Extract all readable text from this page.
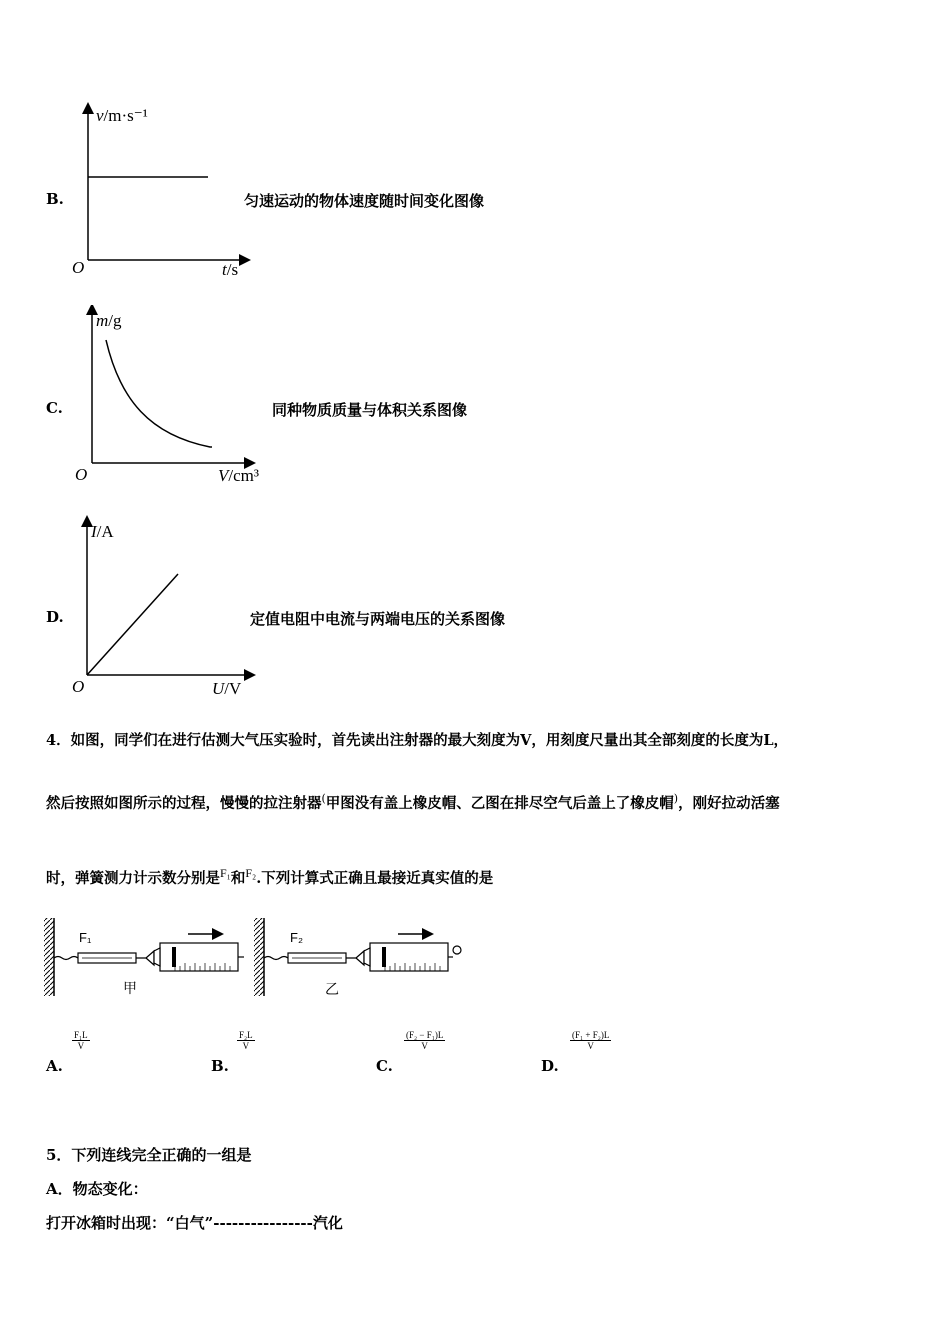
v/m·s⁻¹
O	t/s
B.	匀速运动的物体速度随时间变化图像
m/g
O	V/cm³
C.	同种物质质量与体积关系图像
I/A
O	U/V
D.	定值电阻中电流与两端电压的关系图像
4．如图，同学们在进行估测大气压实验时，首先读出注射器的最大刻度为V，用刻度尺量出其全部刻度的长度为L，
然后按照如图所示的过程，慢慢的拉注射器(甲图没有盖上橡皮帽、乙图在排尽空气后盖上了橡皮帽)，刚好拉动活塞
时，弹簧测力计示数分别是$^{F_1}$和$^{F_2}$.下列计算式正确且最接近真实值的是
F₁	F₂
甲	乙
A.
$\frac{\text{F₁L}}{V}$
B.
$\frac{\text{F₂L}}{V}$
C.
$\frac{\text{(F₂ − F₁)L}}{V}$
D.
$\frac{\text{(F₁ + F₂)L}}{V}$
5．下列连线完全正确的一组是
A．物态变化：
打开冰箱时出现：“白气”----------------汽化
